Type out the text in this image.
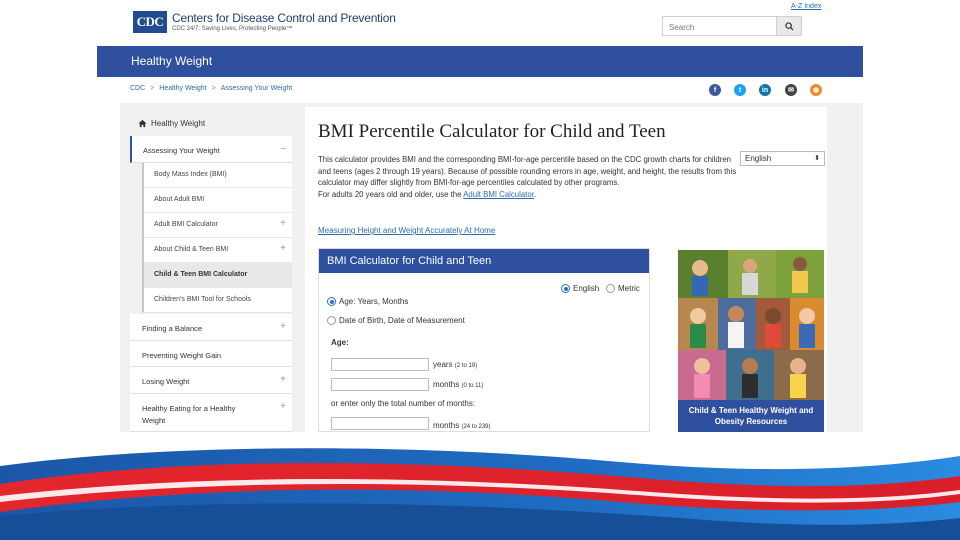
CDC Centers for Disease Control and Prevention
CDC 24/7: Saving Lives, Protecting People™
A-Z Index
Search
Healthy Weight
CDC > Healthy Weight > Assessing Your Weight	f	t	in	✉	◉
Healthy Weight
Assessing Your Weight	–
Body Mass Index (BMI)
About Adult BMI
Adult BMI Calculator	+
About Child & Teen BMI	+
Child & Teen BMI Calculator
Children's BMI Tool for Schools
Finding a Balance	+
Preventing Weight Gain
Losing Weight	+
Healthy Eating for a Healthy Weight
+
BMI Percentile Calculator for Child and Teen
This calculator provides BMI and the corresponding BMI-for-age percentile based on the CDC growth charts for children and teens (ages 2 through 19 years). Because of possible rounding errors in age, weight, and height, the results from this calculator may differ slightly from BMI-for-age percentiles calculated by other programs.
For adults 20 years old and older, use the Adult BMI Calculator.
English	⬍
Measuring Height and Weight Accurately At Home
BMI Calculator for Child and Teen
English Metric
Age: Years, Months
Date of Birth, Date of Measurement
Age:
years (2 to 19)
months (0 to 11)
or enter only the total number of months:
months (24 to 239)
Child & Teen Healthy Weight and Obesity Resources
